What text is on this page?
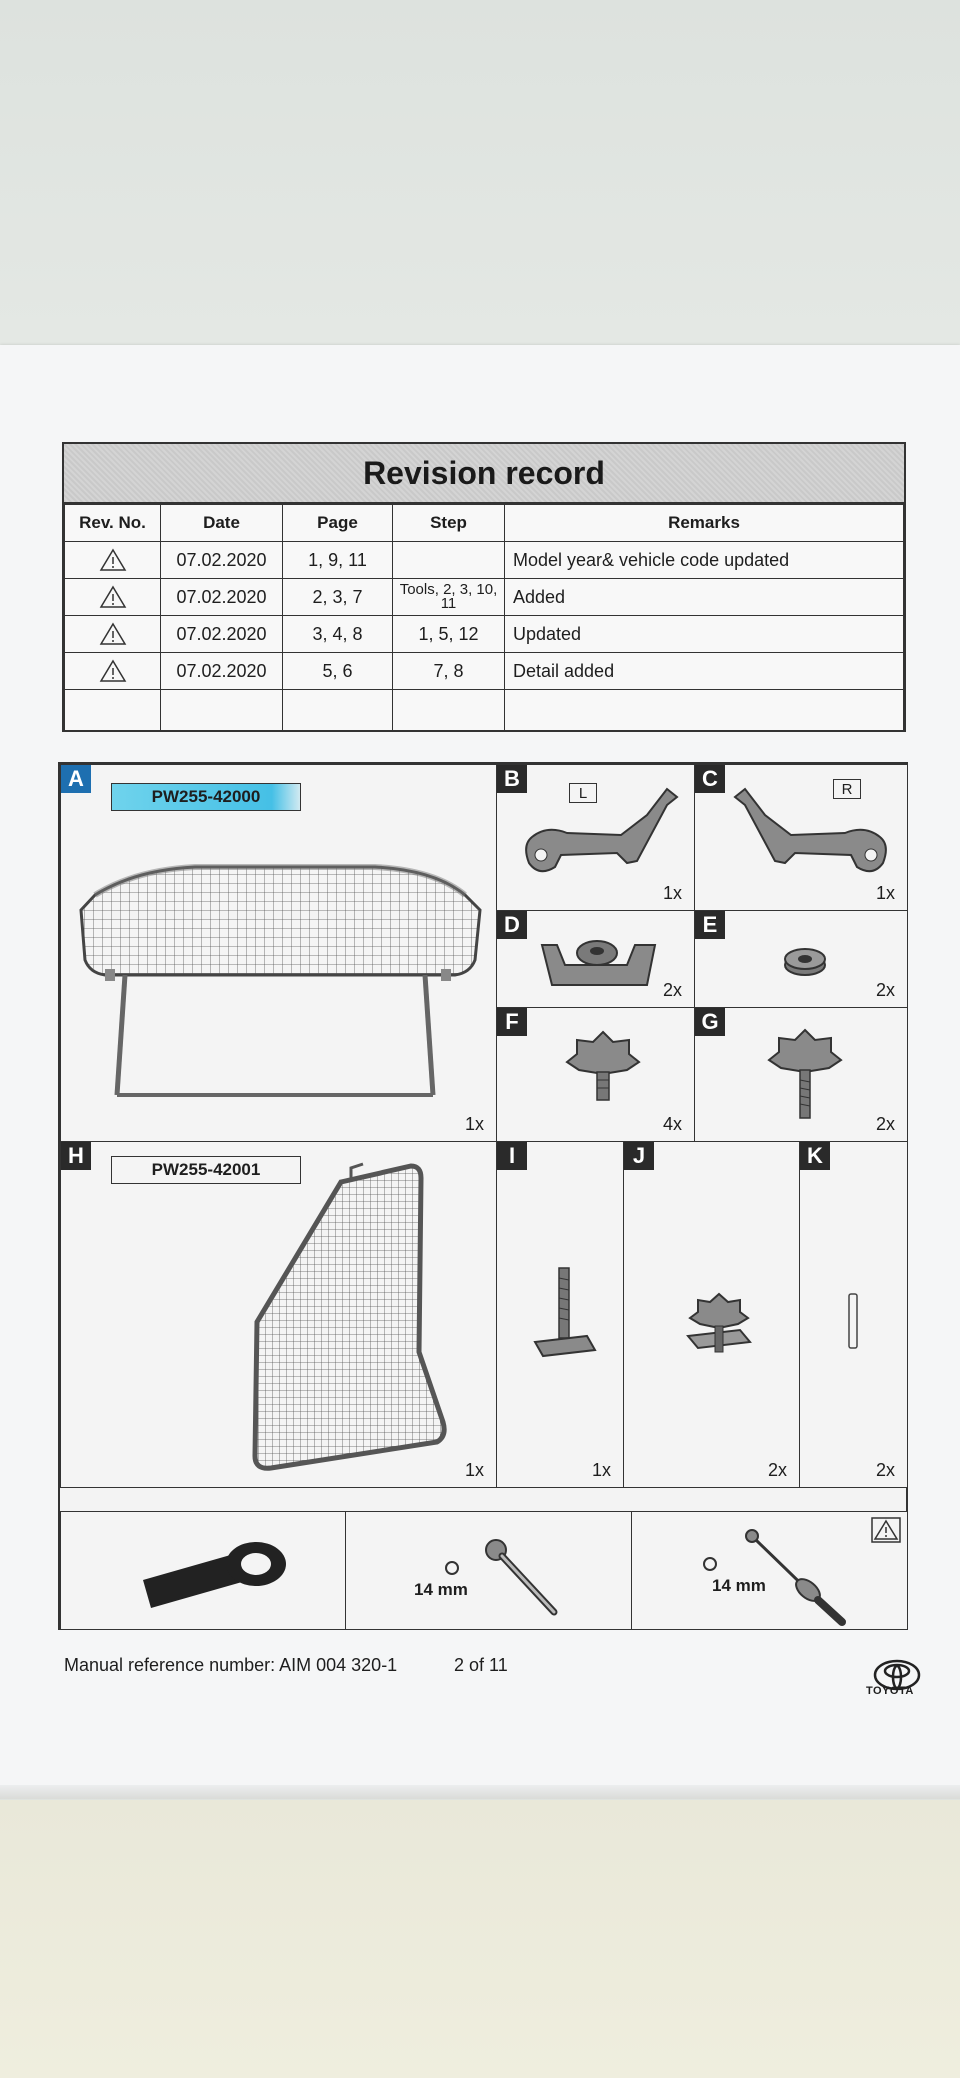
Revision record
Rev. No.	Date	Page	Step	Remarks
	07.02.2020	1, 9, 11		Model year& vehicle code updated
	07.02.2020	2, 3, 7	Tools, 2, 3, 10, 11	Added
	07.02.2020	3, 4, 8	1, 5, 12	Updated
	07.02.2020	5, 6	7, 8	Detail added

A
PW255-42000
1x
B
L
1x
C	R
1x
D
2x
E
2x
F
4x
G
2x
H
PW255-42001
1x
I
1x
J
2x
K
2x
14 mm	14 mm
Manual reference number: AIM 004 320-1	2 of 11
TOYOTA
